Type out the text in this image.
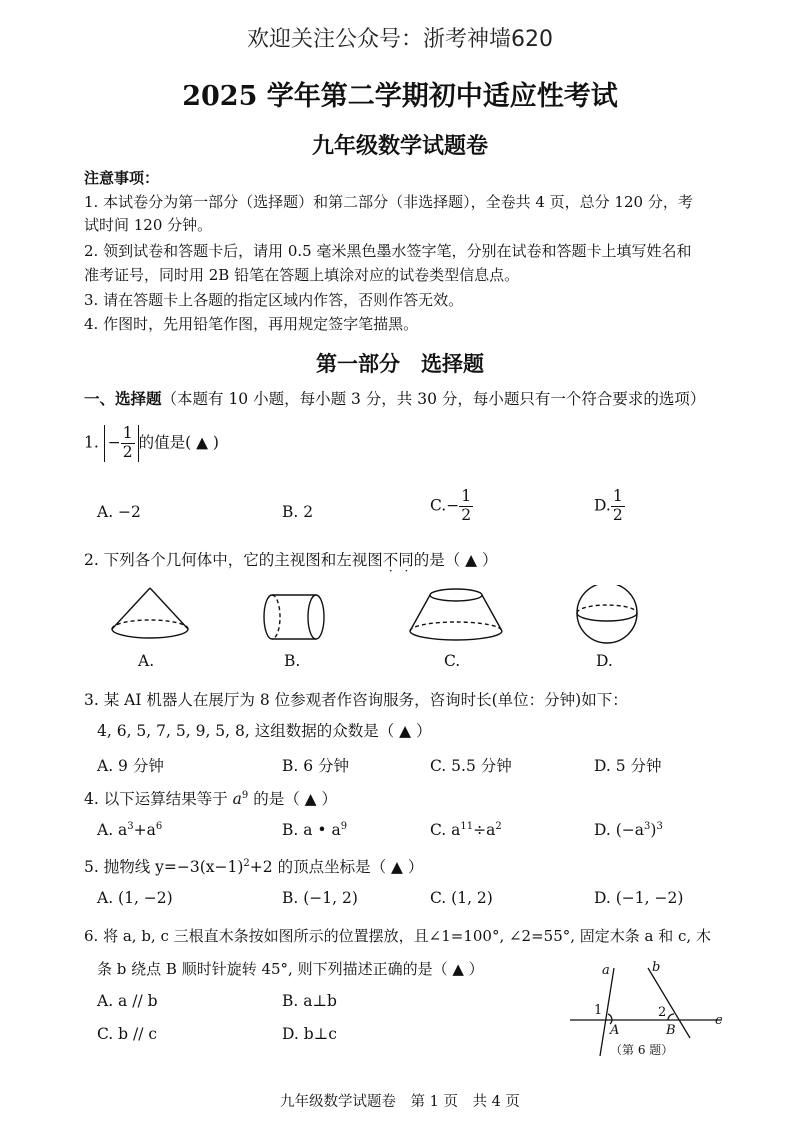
欢迎关注公众号：浙考神墙620
2025 学年第二学期初中适应性考试
九年级数学试题卷
注意事项：
1. 本试卷分为第一部分（选择题）和第二部分（非选择题），全卷共 4 页，总分 120 分，考
试时间 120 分钟。
2. 领到试卷和答题卡后，请用 0.5 毫米黑色墨水签字笔，分别在试卷和答题卡上填写姓名和
准考证号，同时用 2B 铅笔在答题上填涂对应的试卷类型信息点。
3. 请在答题卡上各题的指定区域内作答，否则作答无效。
4. 作图时，先用铅笔作图，再用规定签字笔描黑。
第一部分　选择题
一、选择题（本题有 10 小题，每小题 3 分，共 30 分，每小题只有一个符合要求的选项）
1. − $\frac{1}{2}$ 的值是( ▲ )
A. −2	B. 2	$C.- \frac{1}{2}$	D. $\frac{1}{2}$
2. 下列各个几何体中，它的主视图和左视图不同的是（ ▲ ）
A.	B.	C.	D.
3. 某 AI 机器人在展厅为 8 位参观者作咨询服务，咨询时长(单位：分钟)如下：
4, 6, 5, 7, 5, 9, 5, 8, 这组数据的众数是（ ▲ ）
A. 9 分钟	B. 6 分钟	C. 5.5 分钟	D. 5 分钟
4. 以下运算结果等于 $a^9$ 的是（ ▲ ）
A. $a^3+a^6$	B. a • $a^9$	C. $a^{11}\div a^2$	D. $(-a^3)^3$
5. 抛物线 $y=-3(x-1)^2+2$ 的顶点坐标是（ ▲ ）
A. (1, −2)	B. (−1, 2)	C. (1, 2)	D. (−1, −2)
6. 将 a, b, c 三根直木条按如图所示的位置摆放，且∠1=100°, ∠2=55°, 固定木条 a 和 c, 木
条 b 绕点 B 顺时针旋转 45°, 则下列描述正确的是（ ▲ ）
A. a // b	B. a⊥b
C. b // c	D. b⊥c
a	b
c
A	B
1	2
（第 6 题）
九年级数学试题卷　第 1 页　共 4 页
